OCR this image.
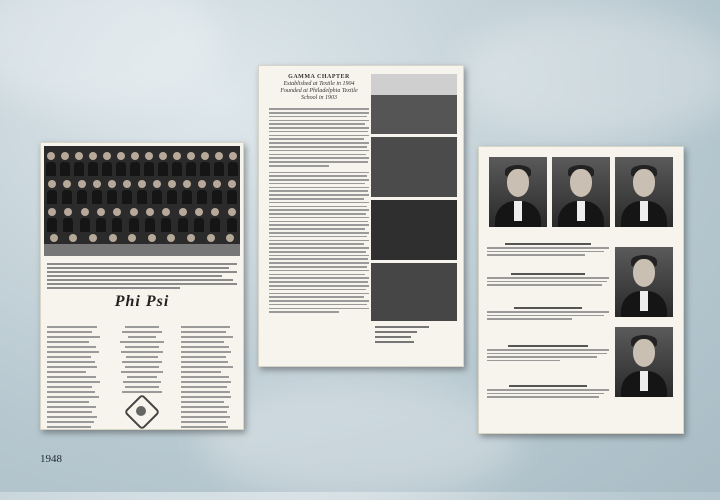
Phi Psi
GAMMA CHAPTER
Established at Textile in 1904
Founded at Philadelphia Textile
School in 1903
1948
